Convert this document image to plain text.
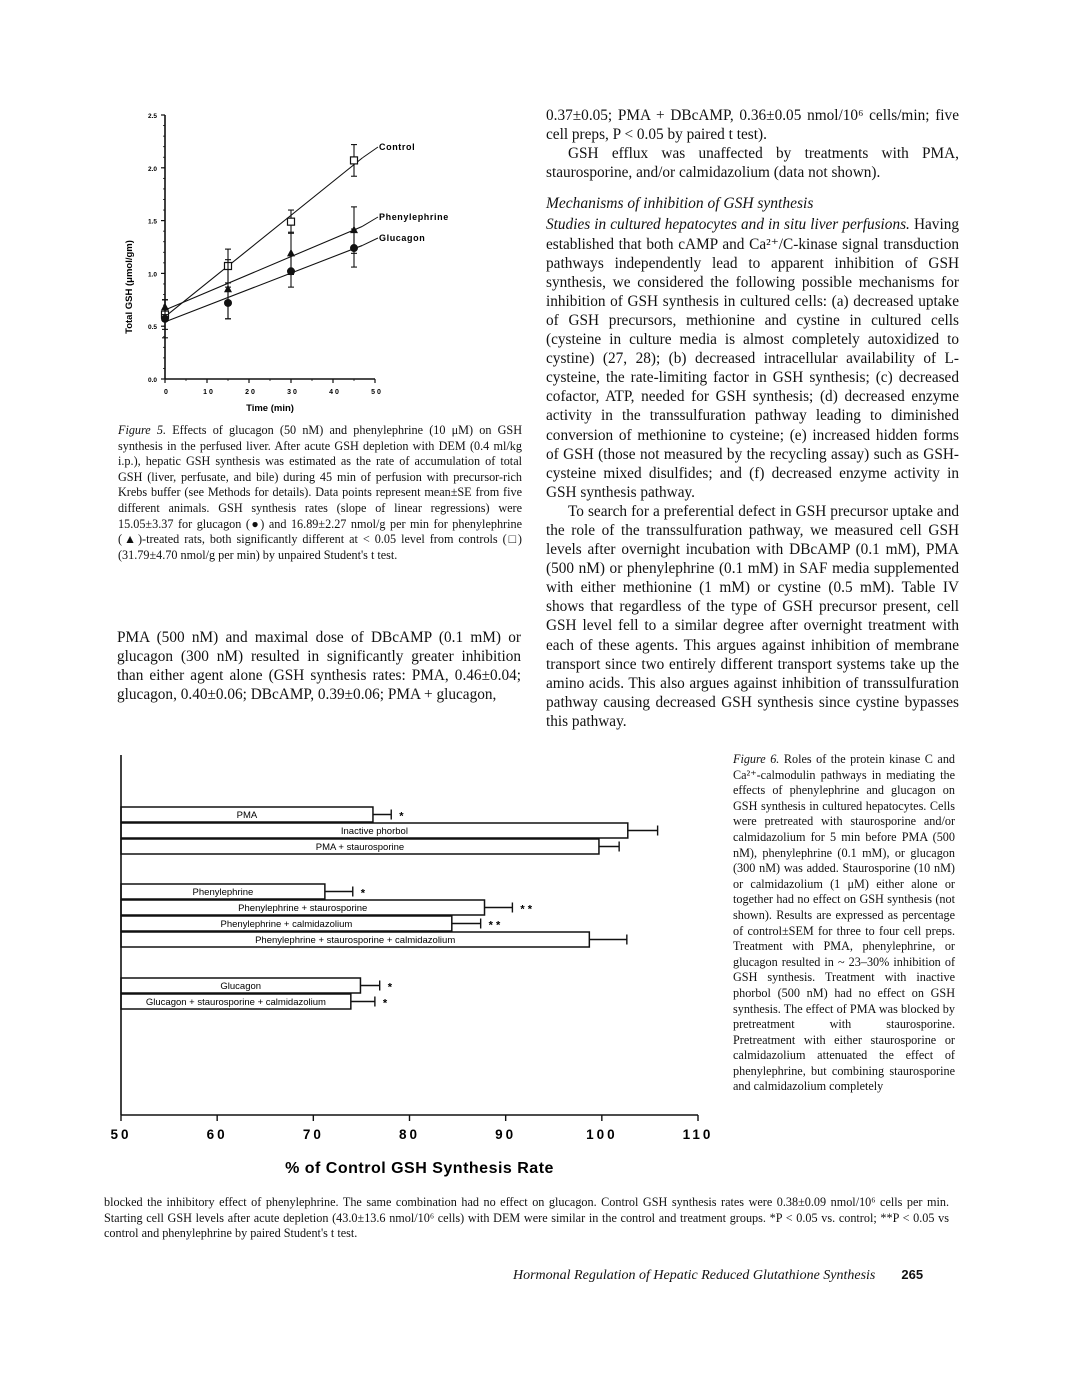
0.0
0.5
1.0
1.5
2.0
2.5
0	10	20	30	40	50
Control
Phenylephrine
Glucagon
Time (min)
Total GSH (μmol/gm)

Figure 5. Effects of glucagon (50 nM) and phenylephrine (10 μM) on GSH synthesis in the perfused liver. After acute GSH depletion with DEM (0.4 ml/kg i.p.), hepatic GSH synthesis was estimated as the rate of accumulation of total GSH (liver, perfusate, and bile) during 45 min of perfusion with precursor-rich Krebs buffer (see Methods for details). Data points represent mean±SE from five different animals. GSH synthesis rates (slope of linear regressions) were 15.05±3.37 for glucagon (●) and 16.89±2.27 nmol/g per min for phenylephrine (▲)-treated rats, both significantly different at < 0.05 level from controls (□) (31.79±4.70 nmol/g per min) by unpaired Student's t test.

PMA (500 nM) and maximal dose of DBcAMP (0.1 mM) or glucagon (300 nM) resulted in significantly greater inhibition than either agent alone (GSH synthesis rates: PMA, 0.46±0.04; glucagon, 0.40±0.06; DBcAMP, 0.39±0.06; PMA + glucagon,

0.37±0.05; PMA + DBcAMP, 0.36±0.05 nmol/10⁶ cells/min; five cell preps, P < 0.05 by paired t test).

GSH efflux was unaffected by treatments with PMA, staurosporine, and/or calmidazolium (data not shown).

Mechanisms of inhibition of GSH synthesis

Studies in cultured hepatocytes and in situ liver perfusions. Having established that both cAMP and Ca²⁺/C-kinase signal transduction pathways independently lead to apparent inhibition of GSH synthesis, we considered the following possible mechanisms for inhibition of GSH synthesis in cultured cells: (a) decreased uptake of GSH precursors, methionine and cystine in cultured cells (cysteine in culture media is almost completely autoxidized to cystine) (27, 28); (b) decreased intracellular availability of L-cysteine, the rate-limiting factor in GSH synthesis; (c) decreased cofactor, ATP, needed for GSH synthesis; (d) decreased enzyme activity in the transsulfuration pathway leading to diminished conversion of methionine to cysteine; (e) increased hidden forms of GSH (those not measured by the recycling assay) such as GSH-cysteine mixed disulfides; and (f) decreased enzyme activity in GSH synthesis pathway.

To search for a preferential defect in GSH precursor uptake and the role of the transsulfuration pathway, we measured cell GSH levels after overnight incubation with DBcAMP (0.1 mM), PMA (500 nM) or phenylephrine (0.1 mM) in SAF media supplemented with either methionine (1 mM) or cystine (0.5 mM). Table IV shows that regardless of the type of GSH precursor present, cell GSH level fell to a similar degree after overnight treatment with each of these agents. This argues against inhibition of membrane transport since two entirely different transport systems take up the amino acids. This also argues against inhibition of transsulfuration pathway causing decreased GSH synthesis since cystine bypasses this pathway.

PMA	*
Inactive phorbol
PMA + staurosporine
Phenylephrine	*
Phenylephrine + staurosporine	* *
Phenylephrine + calmidazolium	* *
Phenylephrine + staurosporine + calmidazolium
Glucagon	*
Glucagon + staurosporine + calmidazolium	*
50	60	70	80	90	100	110
% of Control GSH Synthesis Rate

Figure 6. Roles of the protein kinase C and Ca²⁺-calmodulin pathways in mediating the effects of phenylephrine and glucagon on GSH synthesis in cultured hepatocytes. Cells were pretreated with staurosporine and/or calmidazolium for 5 min before PMA (500 nM), phenylephrine (0.1 mM), or glucagon (300 nM) was added. Staurosporine (10 nM) or calmidazolium (1 μM) either alone or together had no effect on GSH synthesis (not shown). Results are expressed as percentage of control±SEM for three to four cell preps. Treatment with PMA, phenylephrine, or glucagon resulted in ~ 23–30% inhibition of GSH synthesis. Treatment with inactive phorbol (500 nM) had no effect on GSH synthesis. The effect of PMA was blocked by pretreatment with staurosporine. Pretreatment with either staurosporine or calmidazolium attenuated the effect of phenylephrine, but combining staurosporine and calmidazolium completely

blocked the inhibitory effect of phenylephrine. The same combination had no effect on glucagon. Control GSH synthesis rates were 0.38±0.09 nmol/10⁶ cells per min. Starting cell GSH levels after acute depletion (43.0±13.6 nmol/10⁶ cells) with DEM were similar in the control and treatment groups. *P < 0.05 vs. control; **P < 0.05 vs control and phenylephrine by paired Student's t test.

Hormonal Regulation of Hepatic Reduced Glutathione Synthesis 265
